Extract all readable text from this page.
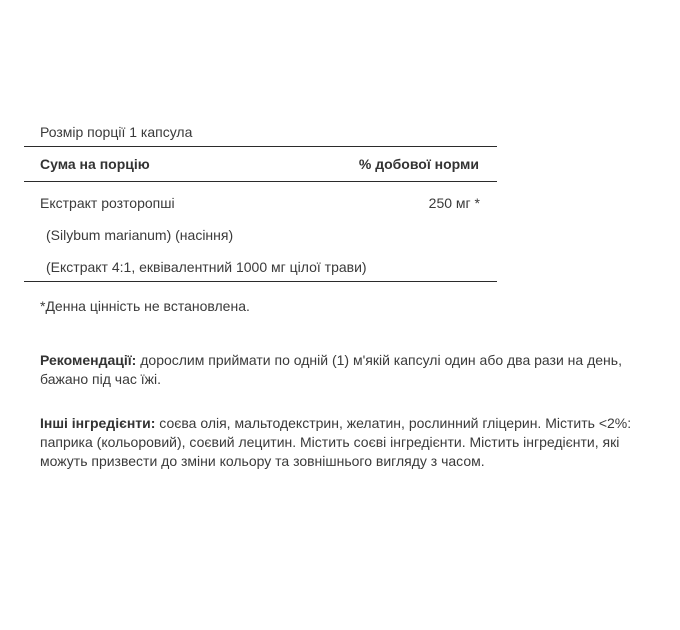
Розмір порції 1 капсула
Сума на порцію	% добової норми
Екстракт розторопші	250 мг *
(Silybum marianum) (насіння)
(Екстракт 4:1, еквівалентний 1000 мг цілої трави)
*Денна цінність не встановлена.
Рекомендації: дорослим приймати по одній (1) м'якій капсулі один або два рази на день, бажано під час їжі.
Інші інгредієнти: соєва олія, мальтодекстрин, желатин, рослинний гліцерин. Містить <2%: паприка (кольоровий), соєвий лецитин. Містить соєві інгредієнти. Містить інгредієнти, які можуть призвести до зміни кольору та зовнішнього вигляду з часом.
